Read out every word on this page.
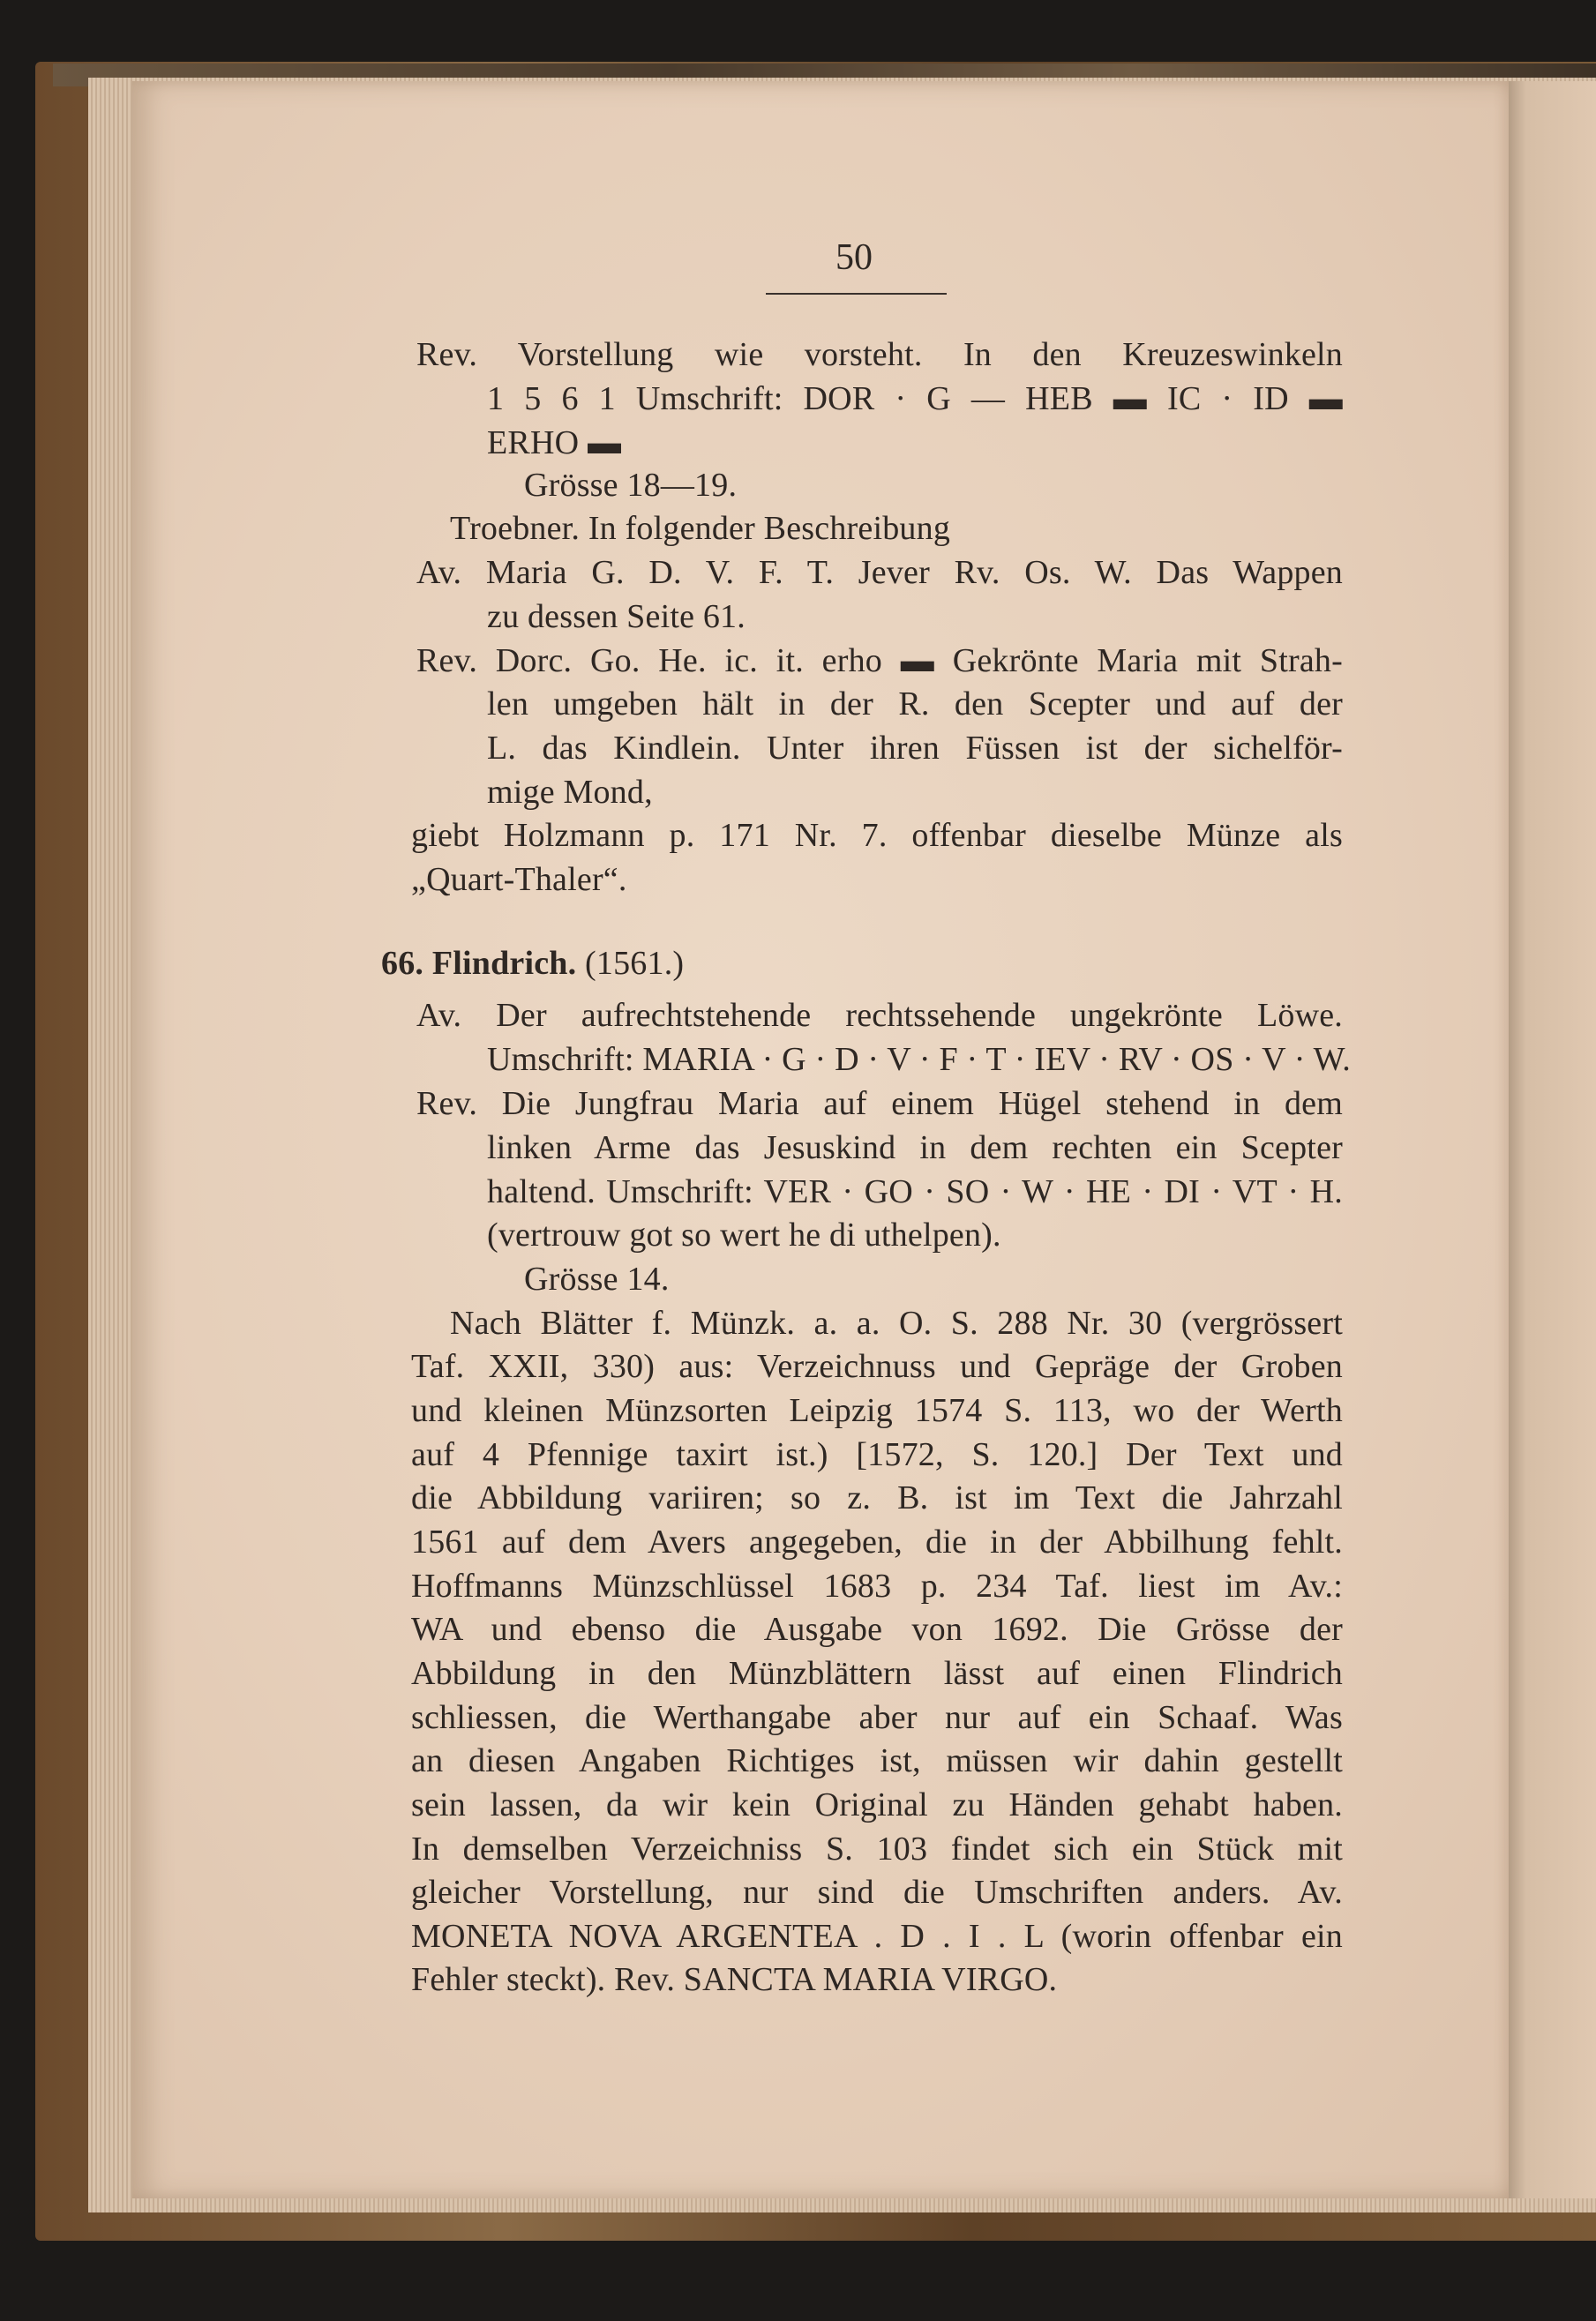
50
Rev. Vorstellung wie vorsteht. In den Kreuzeswinkeln
1 5 6 1 Umschrift: DOR · G — HEB ▬ IC · ID ▬
ERHO ▬
Grösse 18—19.
Troebner. In folgender Beschreibung
Av. Maria G. D. V. F. T. Jever Rv. Os. W. Das Wappen
zu dessen Seite 61.
Rev. Dorc. Go. He. ic. it. erho ▬ Gekrönte Maria mit Strah-
len umgeben hält in der R. den Scepter und auf der
L. das Kindlein. Unter ihren Füssen ist der sichelför-
mige Mond,
giebt Holzmann p. 171 Nr. 7. offenbar dieselbe Münze als
„Quart-Thaler“.
66. Flindrich. (1561.)
Av. Der aufrechtstehende rechtssehende ungekrönte Löwe.
Umschrift: MARIA · G · D · V · F · T · IEV · RV · OS · V · W.
Rev. Die Jungfrau Maria auf einem Hügel stehend in dem
linken Arme das Jesuskind in dem rechten ein Scepter
haltend. Umschrift: VER · GO · SO · W · HE · DI · VT · H.
(vertrouw got so wert he di uthelpen).
Grösse 14.
Nach Blätter f. Münzk. a. a. O. S. 288 Nr. 30 (vergrössert
Taf. XXII, 330) aus: Verzeichnuss und Gepräge der Groben
und kleinen Münzsorten Leipzig 1574 S. 113, wo der Werth
auf 4 Pfennige taxirt ist.) [1572, S. 120.] Der Text und
die Abbildung variiren; so z. B. ist im Text die Jahrzahl
1561 auf dem Avers angegeben, die in der Abbilhung fehlt.
Hoffmanns Münzschlüssel 1683 p. 234 Taf. liest im Av.:
WA und ebenso die Ausgabe von 1692. Die Grösse der
Abbildung in den Münzblättern lässt auf einen Flindrich
schliessen, die Werthangabe aber nur auf ein Schaaf. Was
an diesen Angaben Richtiges ist, müssen wir dahin gestellt
sein lassen, da wir kein Original zu Händen gehabt haben.
In demselben Verzeichniss S. 103 findet sich ein Stück mit
gleicher Vorstellung, nur sind die Umschriften anders. Av.
MONETA NOVA ARGENTEA . D . I . L (worin offenbar ein
Fehler steckt). Rev. SANCTA MARIA VIRGO.
